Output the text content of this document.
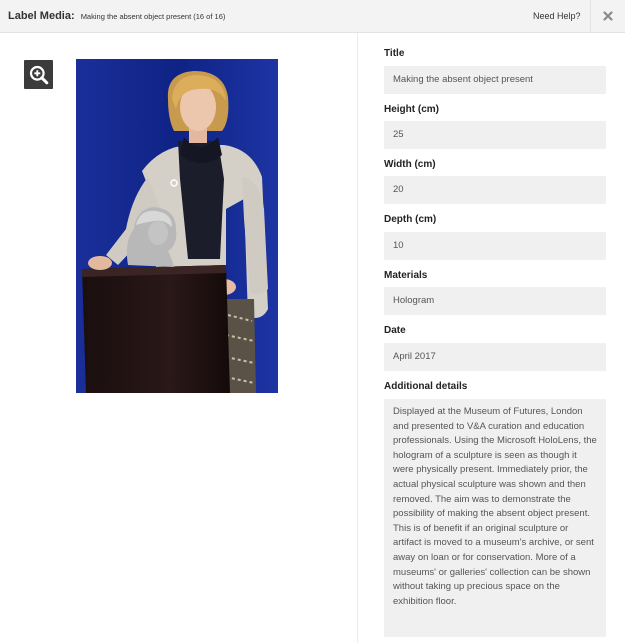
Label Media: Making the absent object present (16 of 16)	Need Help?
Title
Making the absent object present
Height (cm)
25
Width (cm)
20
Depth (cm)
10
Materials
Hologram
Date
April 2017
Additional details
Displayed at the Museum of Futures, London and presented to V&A curation and education professionals. Using the Microsoft HoloLens, the hologram of a sculpture is seen as though it were physically present. Immediately prior, the actual physical sculpture was shown and then removed. The aim was to demonstrate the possibility of making the absent object present. This is of benefit if an original sculpture or artifact is moved to a museum's archive, or sent away on loan or for conservation. More of a museums' or galleries' collection can be shown without taking up precious space on the exhibition floor.
